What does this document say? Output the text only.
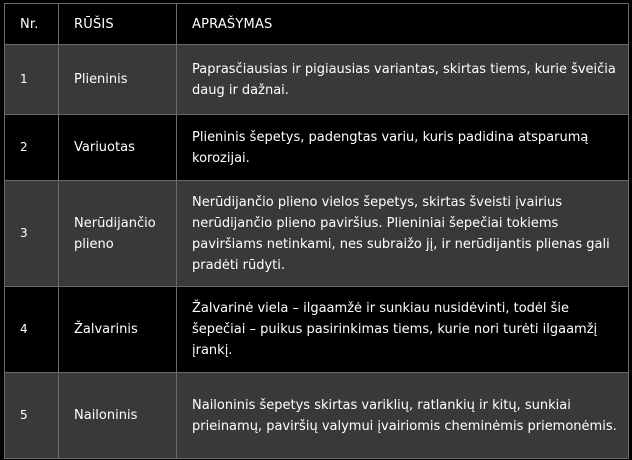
Nr.	RŪŠIS	APRAŠYMAS
1	Plieninis	Paprasčiausias ir pigiausias variantas, skirtas tiems, kurie šveičia daug ir dažnai.
2	Variuotas	Plieninis šepetys, padengtas variu, kuris padidina atsparumą korozijai.
3	Nerūdijančio plieno	Nerūdijančio plieno vielos šepetys, skirtas šveisti įvairius nerūdijančio plieno paviršius. Plieniniai šepečiai tokiems paviršiams netinkami, nes subraižo jį, ir nerūdijantis plienas gali pradėti rūdyti.
4	Žalvarinis	Žalvarinė viela – ilgaamžė ir sunkiau nusidėvinti, todėl šie šepečiai – puikus pasirinkimas tiems, kurie nori turėti ilgaamžį įrankį.
5	Nailoninis	Nailoninis šepetys skirtas variklių, ratlankių ir kitų, sunkiai prieinamų, paviršių valymui įvairiomis cheminėmis priemonėmis.
